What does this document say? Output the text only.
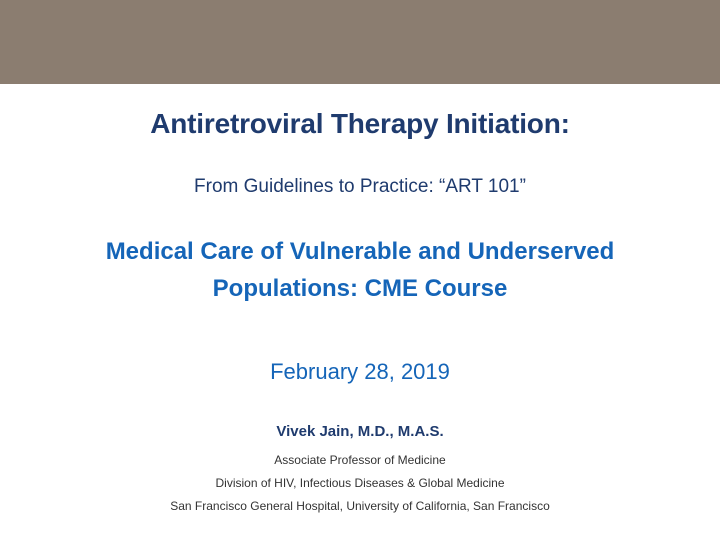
Antiretroviral Therapy Initiation:
From Guidelines to Practice: “ART 101”
Medical Care of Vulnerable and Underserved
Populations: CME Course
February 28, 2019
Vivek Jain, M.D., M.A.S.
Associate Professor of Medicine
Division of HIV, Infectious Diseases & Global Medicine
San Francisco General Hospital, University of California, San Francisco
